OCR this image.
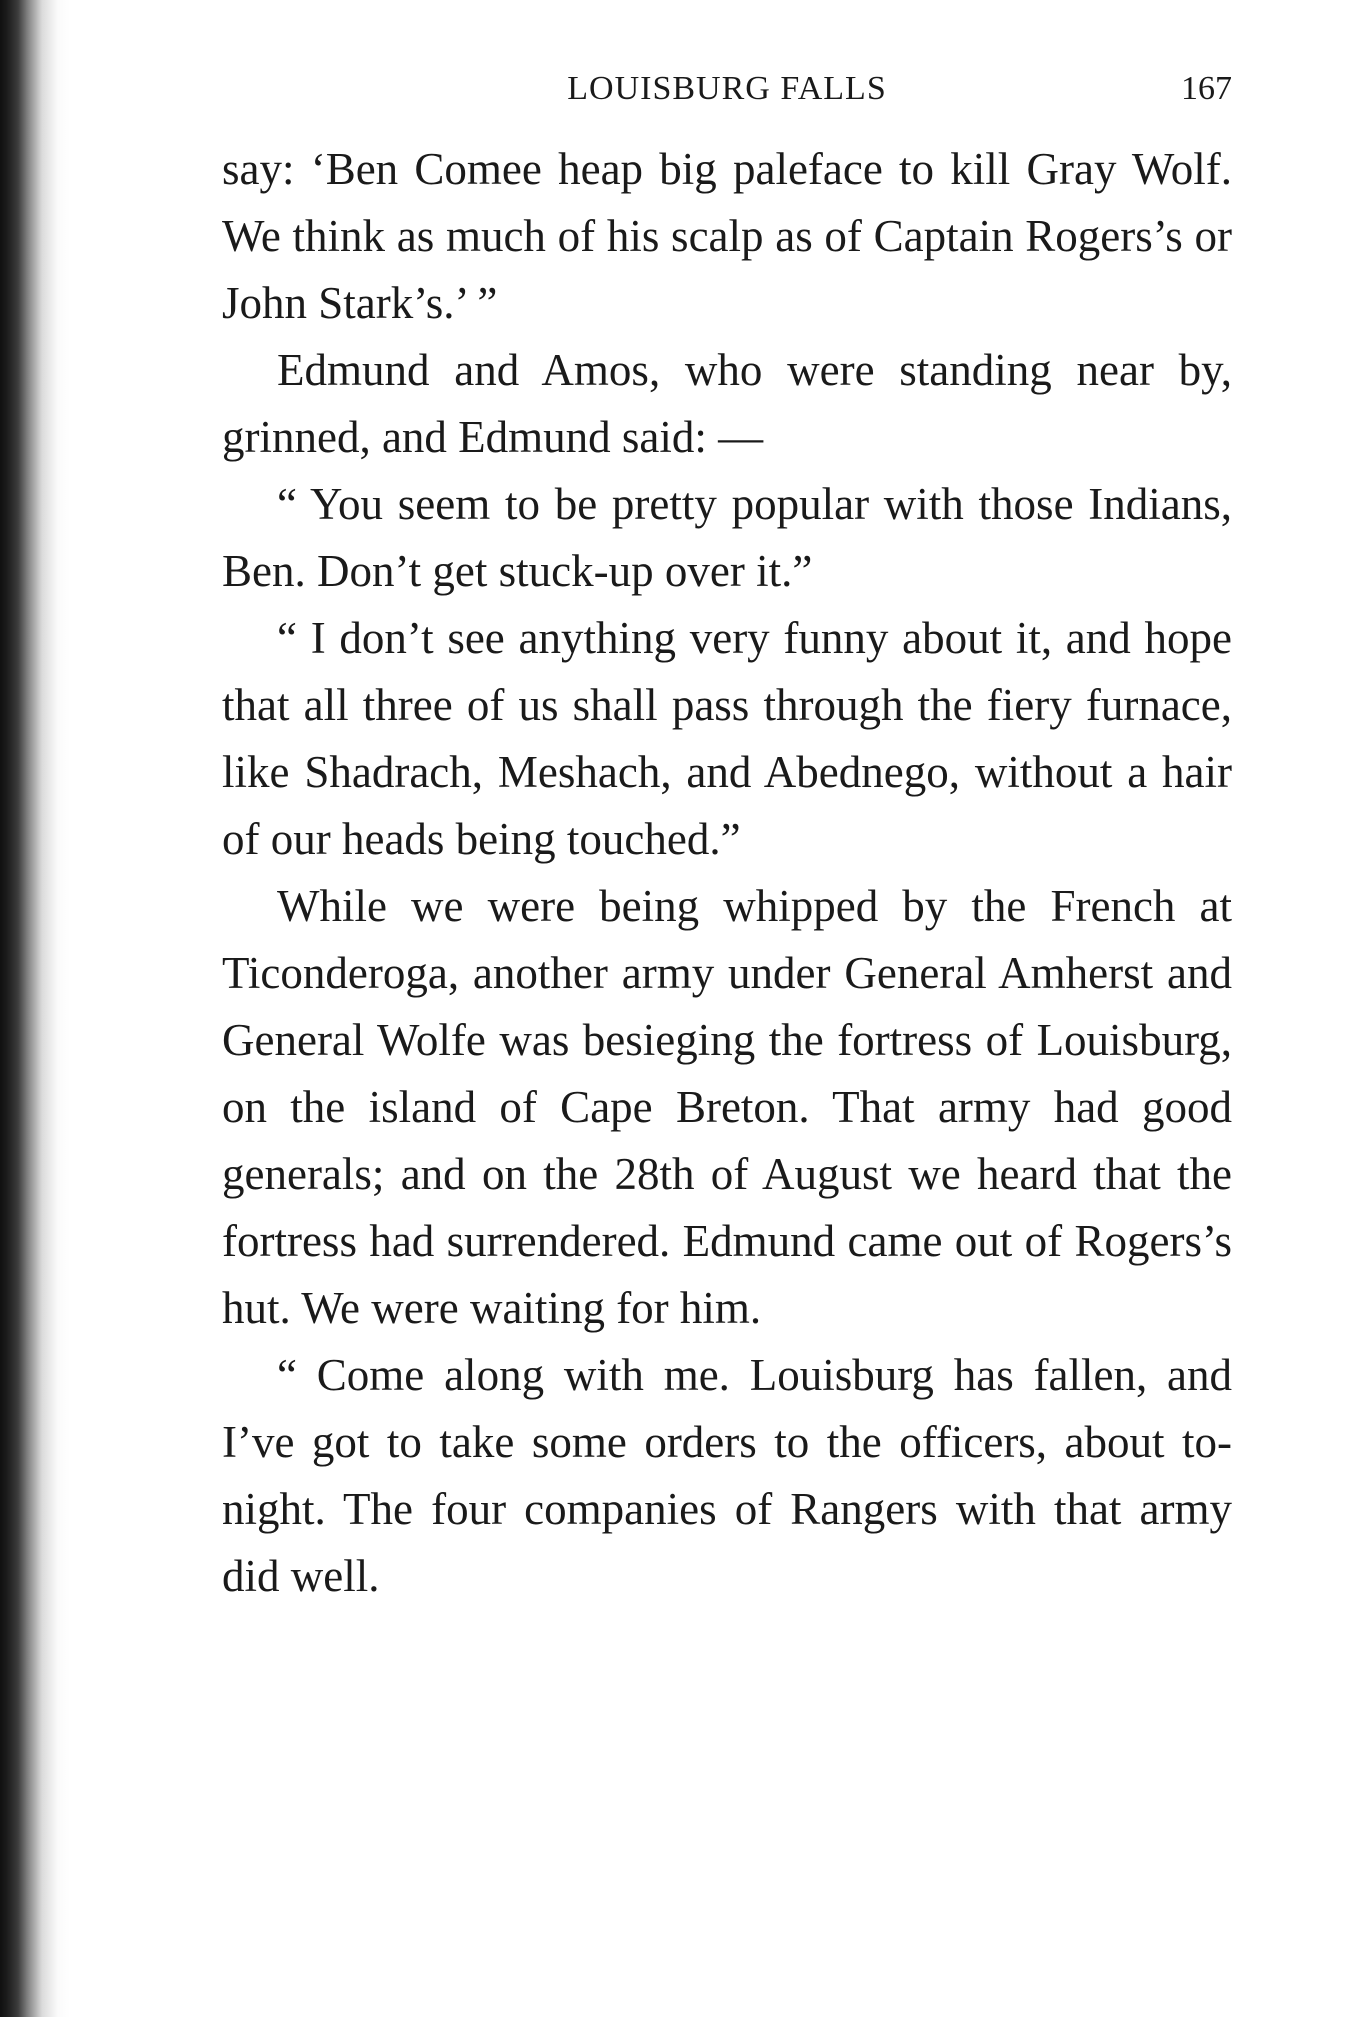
LOUISBURG FALLS	167

say: ‘Ben Comee heap big paleface to kill Gray Wolf. We think as much of his scalp as of Captain Rogers’s or John Stark’s.’ ”

Edmund and Amos, who were standing near by, grinned, and Edmund said: —

“ You seem to be pretty popular with those Indians, Ben. Don’t get stuck-up over it.”

“ I don’t see anything very funny about it, and hope that all three of us shall pass through the fiery furnace, like Shadrach, Meshach, and Abednego, without a hair of our heads being touched.”

While we were being whipped by the French at Ticonderoga, another army under General Amherst and General Wolfe was besieging the fortress of Louisburg, on the island of Cape Breton. That army had good generals; and on the 28th of August we heard that the fortress had surrendered. Edmund came out of Rogers’s hut. We were waiting for him.

“ Come along with me. Louisburg has fallen, and I’ve got to take some orders to the officers, about to-night. The four companies of Rangers with that army did well.
